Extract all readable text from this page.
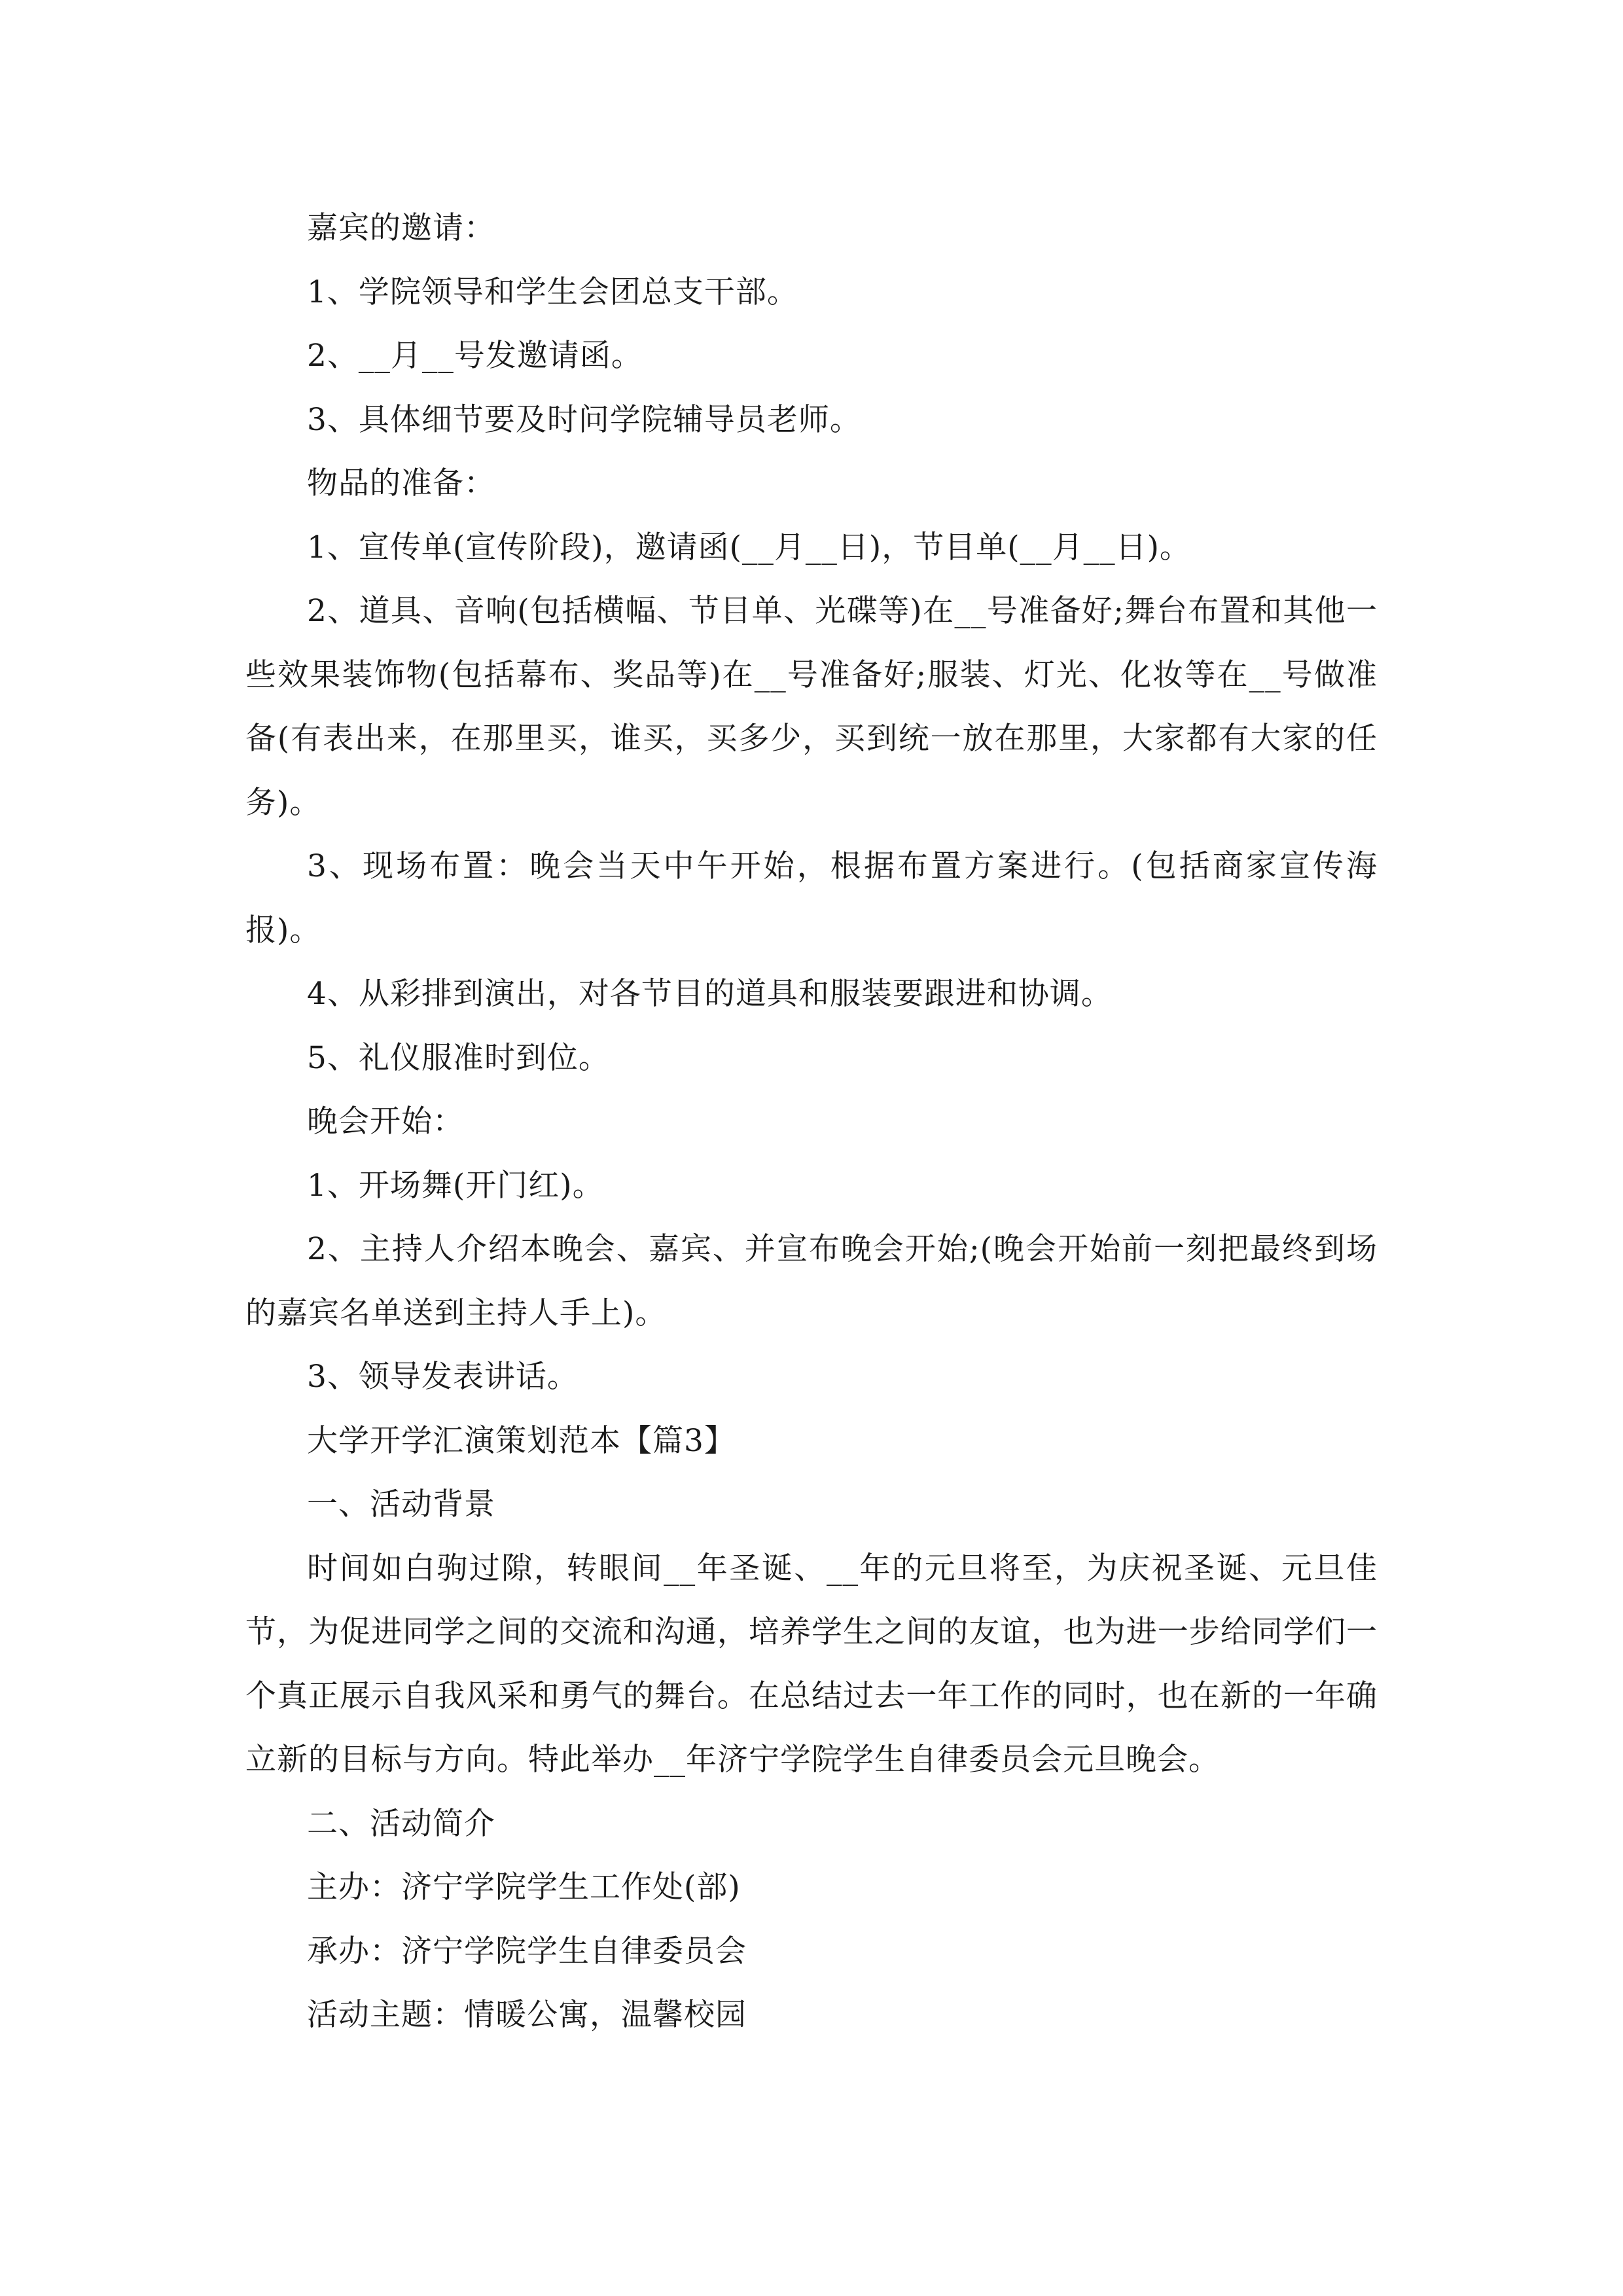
嘉宾的邀请：

1、学院领导和学生会团总支干部。

2、__月__号发邀请函。

3、具体细节要及时问学院辅导员老师。

物品的准备：

1、宣传单(宣传阶段)，邀请函(__月__日)，节目单(__月__日)。

2、道具、音响(包括横幅、节目单、光碟等)在__号准备好;舞台布置和其他一些效果装饰物(包括幕布、奖品等)在__号准备好;服装、灯光、化妆等在__号做准备(有表出来，在那里买，谁买，买多少，买到统一放在那里，大家都有大家的任务)。

3、现场布置：晚会当天中午开始，根据布置方案进行。(包括商家宣传海报)。

4、从彩排到演出，对各节目的道具和服装要跟进和协调。

5、礼仪服准时到位。

晚会开始：

1、开场舞(开门红)。

2、主持人介绍本晚会、嘉宾、并宣布晚会开始;(晚会开始前一刻把最终到场的嘉宾名单送到主持人手上)。

3、领导发表讲话。

大学开学汇演策划范本【篇3】

一、活动背景

时间如白驹过隙，转眼间__年圣诞、__年的元旦将至，为庆祝圣诞、元旦佳节，为促进同学之间的交流和沟通，培养学生之间的友谊，也为进一步给同学们一个真正展示自我风采和勇气的舞台。在总结过去一年工作的同时，也在新的一年确立新的目标与方向。特此举办__年济宁学院学生自律委员会元旦晚会。

二、活动简介

主办：济宁学院学生工作处(部)

承办：济宁学院学生自律委员会

活动主题：情暖公寓，温馨校园
